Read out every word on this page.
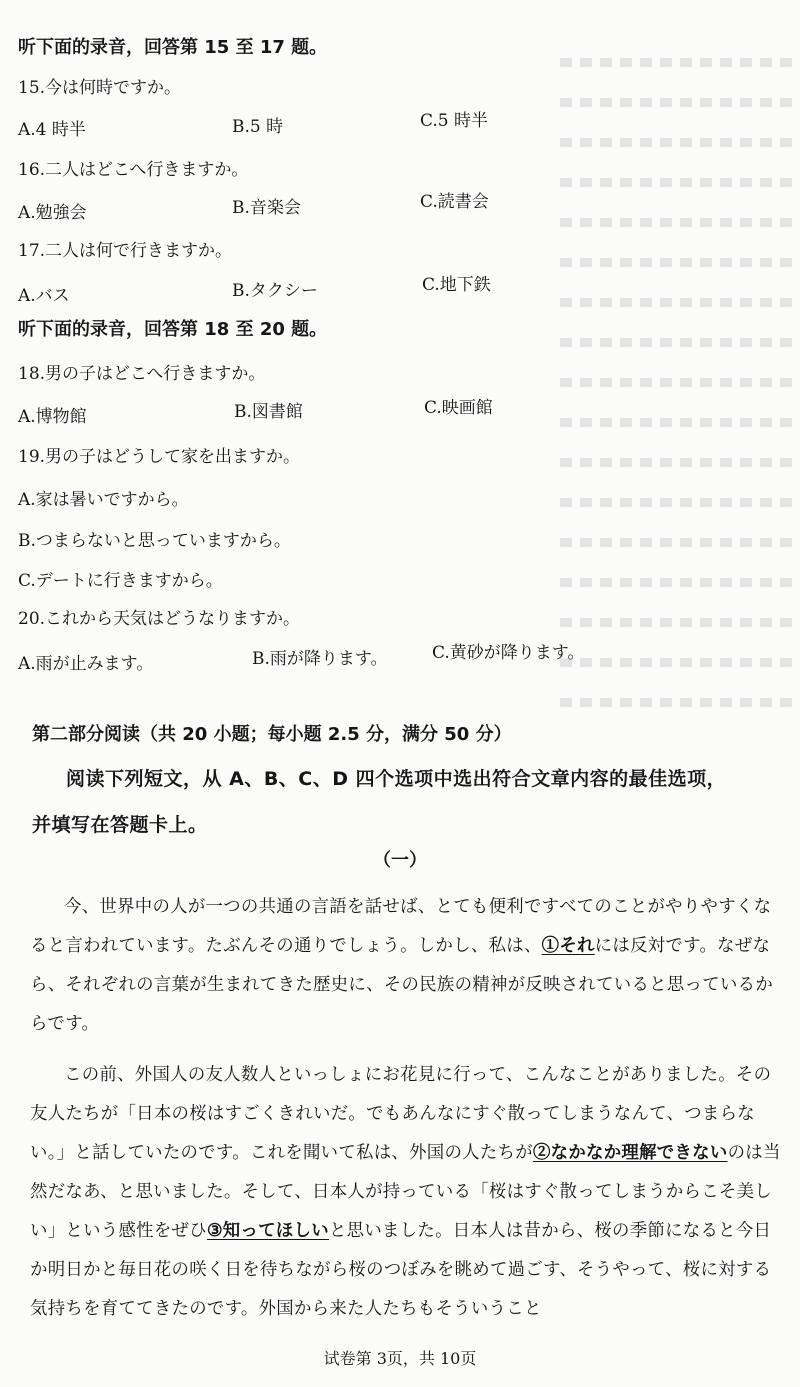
听下面的录音，回答第 15 至 17 题。
15.今は何時ですか。
A.4 時半	B.5 時	C.5 時半
16.二人はどこへ行きますか。
A.勉強会	B.音楽会	C.読書会
17.二人は何で行きますか。
A.バス	B.タクシー	C.地下鉄
听下面的录音，回答第 18 至 20 题。
18.男の子はどこへ行きますか。
A.博物館	B.図書館	C.映画館
19.男の子はどうして家を出ますか。
A.家は暑いですから。
B.つまらないと思っていますから。
C.デートに行きますから。
20.これから天気はどうなりますか。
A.雨が止みます。	B.雨が降ります。	C.黄砂が降ります。
第二部分阅读（共 20 小题；每小题 2.5 分，满分 50 分）
阅读下列短文，从 A、B、C、D 四个选项中选出符合文章内容的最佳选项，
并填写在答题卡上。
（一）

今、世界中の人が一つの共通の言語を話せば、とても便利ですべてのことがやりやすくなると言われています。たぶんその通りでしょう。しかし、私は、①それには反対です。なぜなら、それぞれの言葉が生まれてきた歴史に、その民族の精神が反映されていると思っているからです。

この前、外国人の友人数人といっしょにお花見に行って、こんなことがありました。その友人たちが「日本の桜はすごくきれいだ。でもあんなにすぐ散ってしまうなんて、つまらない。」と話していたのです。これを聞いて私は、外国の人たちが②なかなか理解できないのは当然だなあ、と思いました。そして、日本人が持っている「桜はすぐ散ってしまうからこそ美しい」という感性をぜひ③知ってほしいと思いました。日本人は昔から、桜の季節になると今日か明日かと毎日花の咲く日を待ちながら桜のつぼみを眺めて過ごす、そうやって、桜に対する気持ちを育ててきたのです。外国から来た人たちもそういうこと

试卷第 3页，共 10页
